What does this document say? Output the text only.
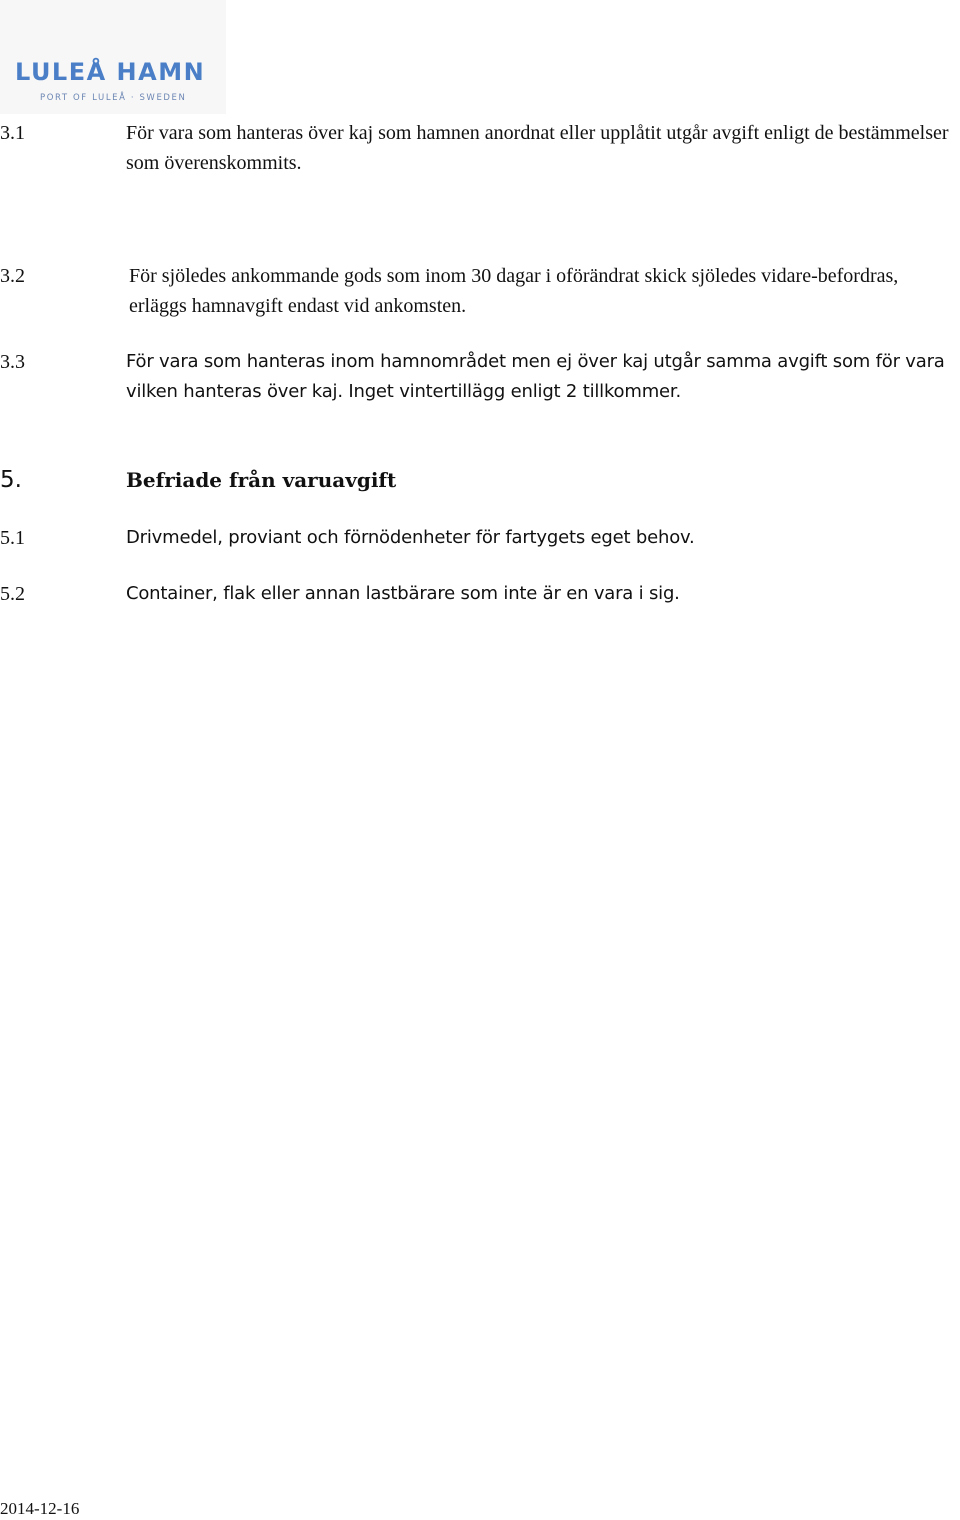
LULEÅ HAMN
PORT OF LULEÅ · SWEDEN
3.1	För vara som hanteras över kaj som hamnen anordnat eller upplåtit utgår avgift enligt de bestämmelser som överenskommits.
3.2	För sjöledes ankommande gods som inom 30 dagar i oförändrat skick sjöledes vidare-befordras, erläggs hamnavgift endast vid ankomsten.
3.3	För vara som hanteras inom hamnområdet men ej över kaj utgår samma avgift som för vara vilken hanteras över kaj. Inget vintertillägg enligt 2 tillkommer.
5.	Befriade från varuavgift
5.1	Drivmedel, proviant och förnödenheter för fartygets eget behov.
5.2	Container, flak eller annan lastbärare som inte är en vara i sig.
2014-12-16
